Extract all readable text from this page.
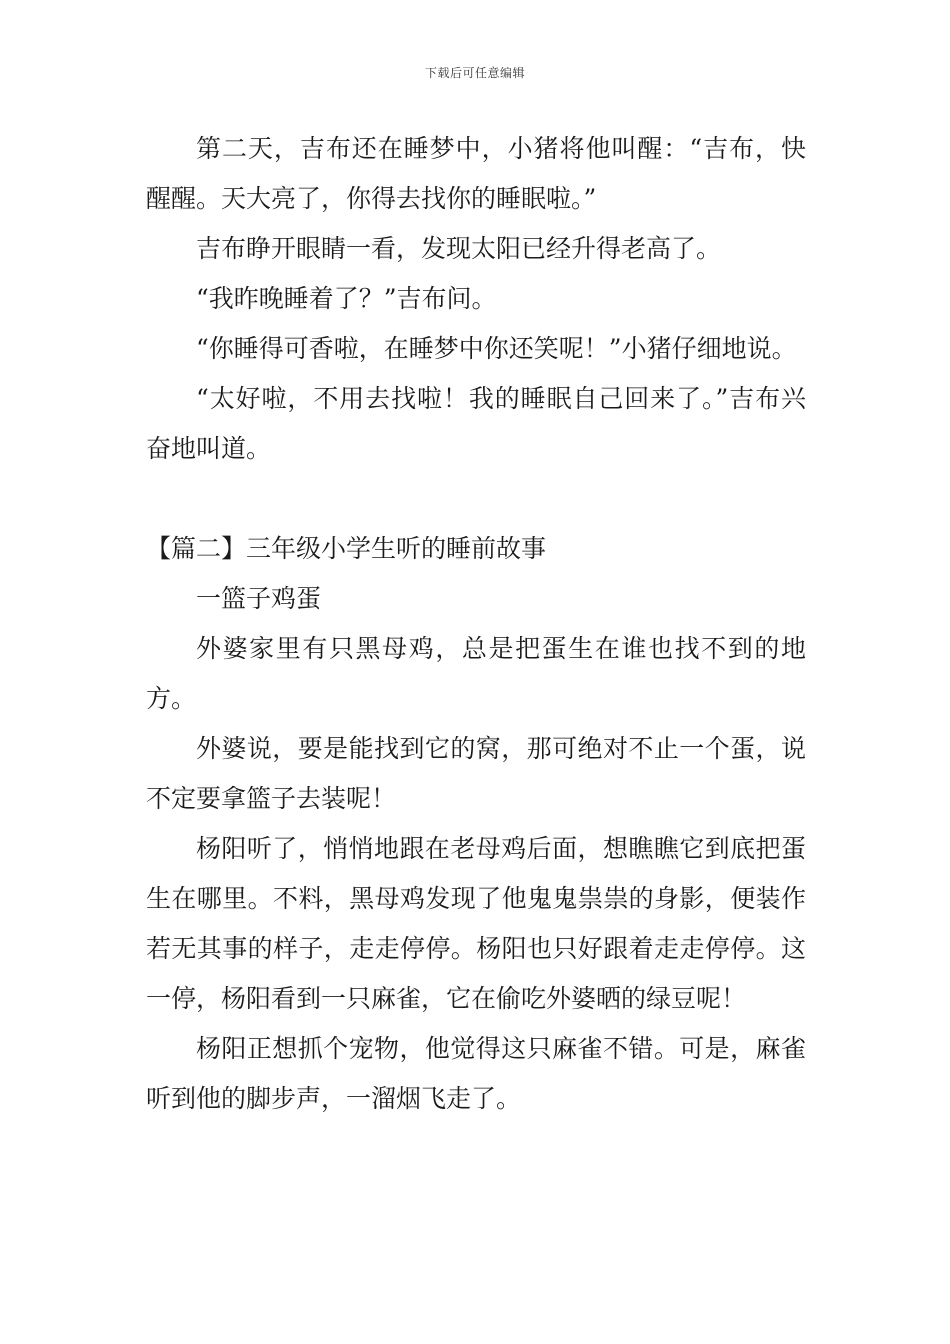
下载后可任意编辑

第二天，吉布还在睡梦中，小猪将他叫醒：“吉布，快醒醒。天大亮了，你得去找你的睡眠啦。”

吉布睁开眼睛一看，发现太阳已经升得老高了。

“我昨晚睡着了？”吉布问。

“你睡得可香啦，在睡梦中你还笑呢！”小猪仔细地说。

“太好啦，不用去找啦！我的睡眠自己回来了。”吉布兴奋地叫道。

【篇二】三年级小学生听的睡前故事

一篮子鸡蛋

外婆家里有只黑母鸡，总是把蛋生在谁也找不到的地方。

外婆说，要是能找到它的窝，那可绝对不止一个蛋，说不定要拿篮子去装呢！

杨阳听了，悄悄地跟在老母鸡后面，想瞧瞧它到底把蛋生在哪里。不料，黑母鸡发现了他鬼鬼祟祟的身影，便装作若无其事的样子，走走停停。杨阳也只好跟着走走停停。这一停，杨阳看到一只麻雀，它在偷吃外婆晒的绿豆呢！

杨阳正想抓个宠物，他觉得这只麻雀不错。可是，麻雀听到他的脚步声，一溜烟飞走了。
